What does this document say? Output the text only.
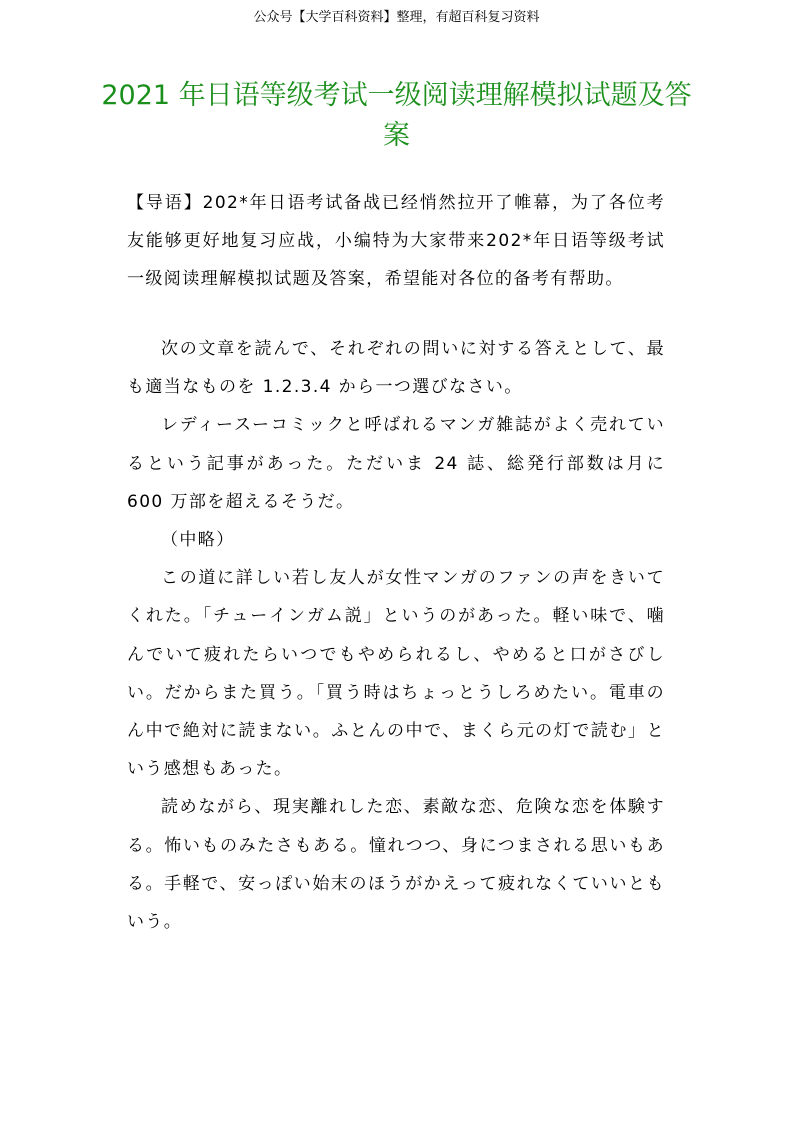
公众号【大学百科资料】整理，有超百科复习资料
2021 年日语等级考试一级阅读理解模拟试题及答案

【导语】202*年日语考试备战已经悄然拉开了帷幕，为了各位考友能够更好地复习应战，小编特为大家带来202*年日语等级考试一级阅读理解模拟试题及答案，希望能对各位的备考有帮助。

次の文章を読んで、それぞれの問いに対する答えとして、最も適当なものを 1.2.3.4 から一つ選びなさい。

レディースーコミックと呼ばれるマンガ雑誌がよく売れているという記事があった。ただいま 24 誌、総発行部数は月に 600 万部を超えるそうだ。

（中略）

この道に詳しい若し友人が女性マンガのファンの声をきいてくれた。「チューインガム説」というのがあった。軽い味で、噛んでいて疲れたらいつでもやめられるし、やめると口がさびしい。だからまた買う。「買う時はちょっとうしろめたい。電車のん中で絶対に読まない。ふとんの中で、まくら元の灯で読む」という感想もあった。

読めながら、現実離れした恋、素敵な恋、危険な恋を体験する。怖いものみたさもある。憧れつつ、身につまされる思いもある。手軽で、安っぽい始末のほうがかえって疲れなくていいともいう。
